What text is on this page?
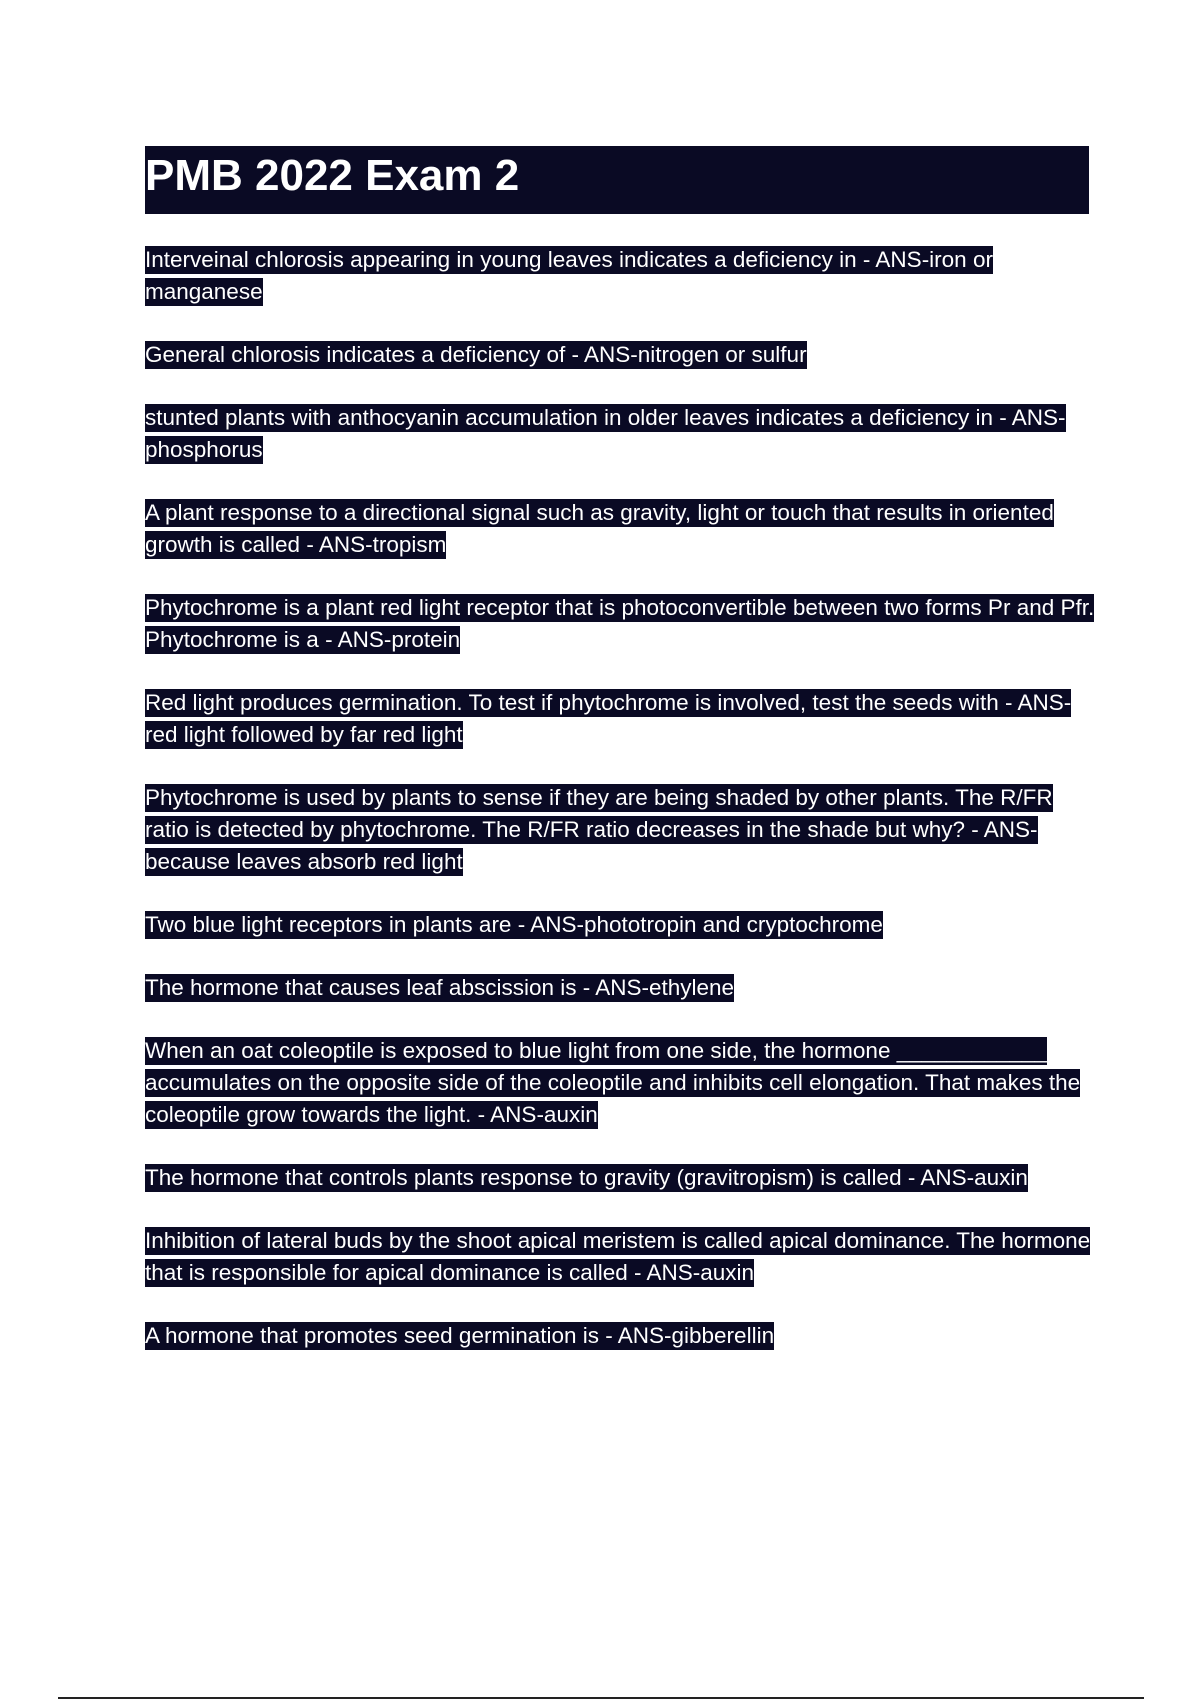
PMB 2022 Exam 2
Interveinal chlorosis appearing in young leaves indicates a deficiency in - ANS-iron or manganese
General chlorosis indicates a deficiency of - ANS-nitrogen or sulfur
stunted plants with anthocyanin accumulation in older leaves indicates a deficiency in - ANS-phosphorus
A plant response to a directional signal such as gravity, light or touch that results in oriented growth is called - ANS-tropism
Phytochrome is a plant red light receptor that is photoconvertible between two forms Pr and Pfr. Phytochrome is a - ANS-protein
Red light produces germination. To test if phytochrome is involved, test the seeds with - ANS-red light followed by far red light
Phytochrome is used by plants to sense if they are being shaded by other plants. The R/FR ratio is detected by phytochrome. The R/FR ratio decreases in the shade but why? - ANS-because leaves absorb red light
Two blue light receptors in plants are - ANS-phototropin and cryptochrome
The hormone that causes leaf abscission is - ANS-ethylene
When an oat coleoptile is exposed to blue light from one side, the hormone ____________ accumulates on the opposite side of the coleoptile and inhibits cell elongation. That makes the coleoptile grow towards the light. - ANS-auxin
The hormone that controls plants response to gravity (gravitropism) is called - ANS-auxin
Inhibition of lateral buds by the shoot apical meristem is called apical dominance. The hormone that is responsible for apical dominance is called - ANS-auxin
A hormone that promotes seed germination is - ANS-gibberellin
